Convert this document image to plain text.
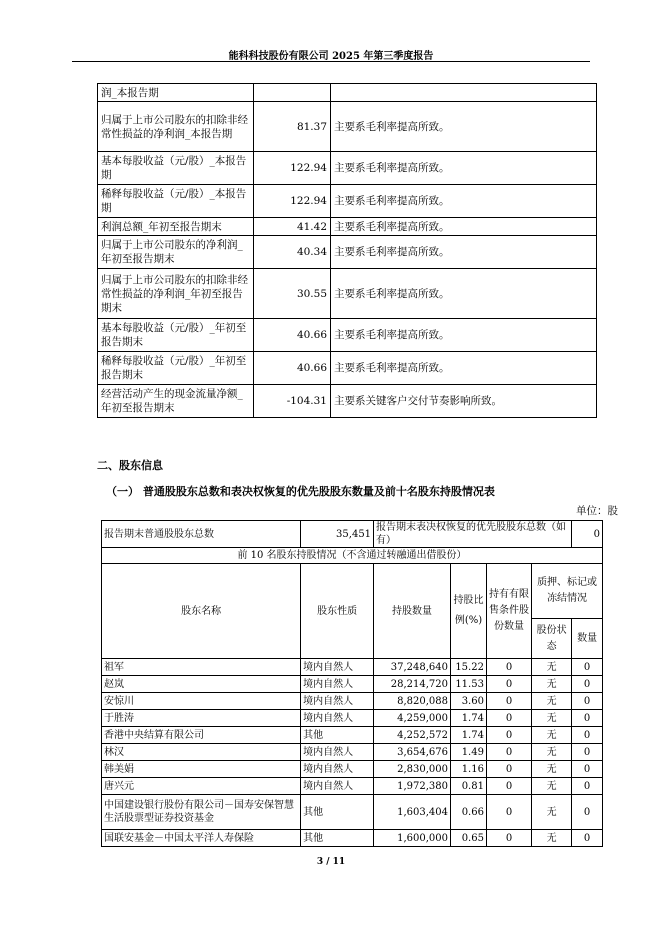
能科科技股份有限公司 2025 年第三季度报告
润_本报告期		
归属于上市公司股东的扣除非经常性损益的净利润_本报告期	81.37	主要系毛利率提高所致。
基本每股收益（元/股）_本报告期	122.94	主要系毛利率提高所致。
稀释每股收益（元/股）_本报告期	122.94	主要系毛利率提高所致。
利润总额_年初至报告期末	41.42	主要系毛利率提高所致。
归属于上市公司股东的净利润_年初至报告期末	40.34	主要系毛利率提高所致。
归属于上市公司股东的扣除非经常性损益的净利润_年初至报告期末	30.55	主要系毛利率提高所致。
基本每股收益（元/股）_年初至报告期末	40.66	主要系毛利率提高所致。
稀释每股收益（元/股）_年初至报告期末	40.66	主要系毛利率提高所致。
经营活动产生的现金流量净额_年初至报告期末	-104.31	主要系关键客户交付节奏影响所致。
二、股东信息
（一） 普通股股东总数和表决权恢复的优先股股东数量及前十名股东持股情况表
单位：股
报告期末普通股股东总数	35,451	报告期末表决权恢复的优先股股东总数（如有）				0
前 10 名股东持股情况（不含通过转融通出借股份）						
股东名称	股东性质	持股数量	持股比例(%)	持有有限售条件股份数量	质押、标记或冻结情况	
					股份状态	数量
祖军	境内自然人	37,248,640	15.22	0	无	0
赵岚	境内自然人	28,214,720	11.53	0	无	0
安惊川	境内自然人	8,820,088	3.60	0	无	0
于胜涛	境内自然人	4,259,000	1.74	0	无	0
香港中央结算有限公司	其他	4,252,572	1.74	0	无	0
林汉	境内自然人	3,654,676	1.49	0	无	0
韩美娟	境内自然人	2,830,000	1.16	0	无	0
唐兴元	境内自然人	1,972,380	0.81	0	无	0
中国建设银行股份有限公司－国寿安保智慧生活股票型证券投资基金	其他	1,603,404	0.66	0	无	0
国联安基金－中国太平洋人寿保险	其他	1,600,000	0.65	0	无	0
3 / 11
